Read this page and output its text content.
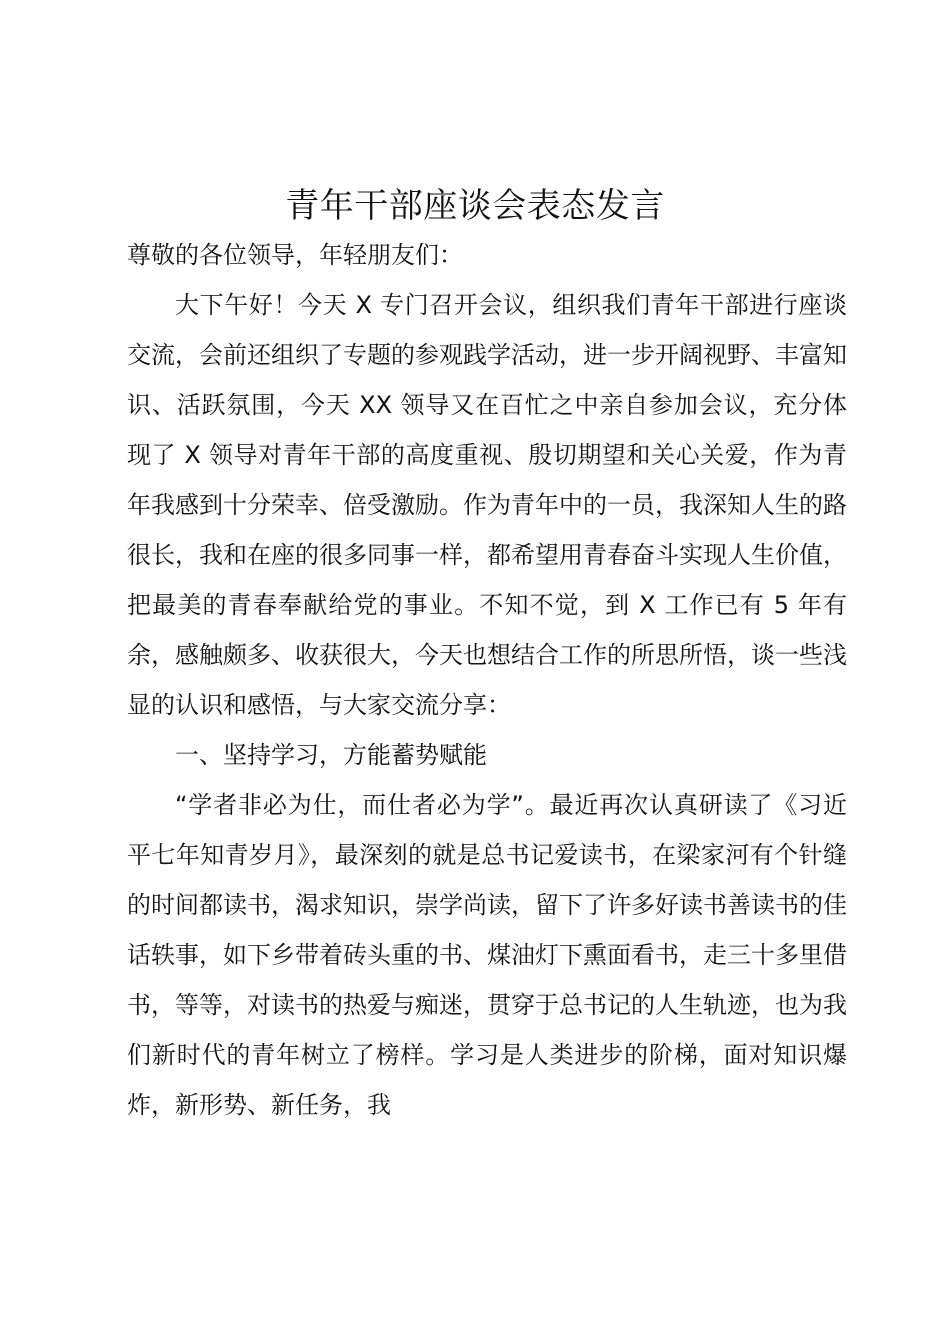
青年干部座谈会表态发言

尊敬的各位领导，年轻朋友们：

大下午好！今天 X 专门召开会议，组织我们青年干部进行座谈交流，会前还组织了专题的参观践学活动，进一步开阔视野、丰富知识、活跃氛围，今天 XX 领导又在百忙之中亲自参加会议，充分体现了 X 领导对青年干部的高度重视、殷切期望和关心关爱，作为青年我感到十分荣幸、倍受激励。作为青年中的一员，我深知人生的路很长，我和在座的很多同事一样，都希望用青春奋斗实现人生价值，把最美的青春奉献给党的事业。不知不觉，到 X 工作已有 5 年有余，感触颇多、收获很大，今天也想结合工作的所思所悟，谈一些浅显的认识和感悟，与大家交流分享：

一、坚持学习，方能蓄势赋能

“学者非必为仕，而仕者必为学”。最近再次认真研读了《习近平七年知青岁月》，最深刻的就是总书记爱读书，在梁家河有个针缝的时间都读书，渴求知识，崇学尚读，留下了许多好读书善读书的佳话轶事，如下乡带着砖头重的书、煤油灯下熏面看书，走三十多里借书，等等，对读书的热爱与痴迷，贯穿于总书记的人生轨迹，也为我们新时代的青年树立了榜样。学习是人类进步的阶梯，面对知识爆炸，新形势、新任务，我
